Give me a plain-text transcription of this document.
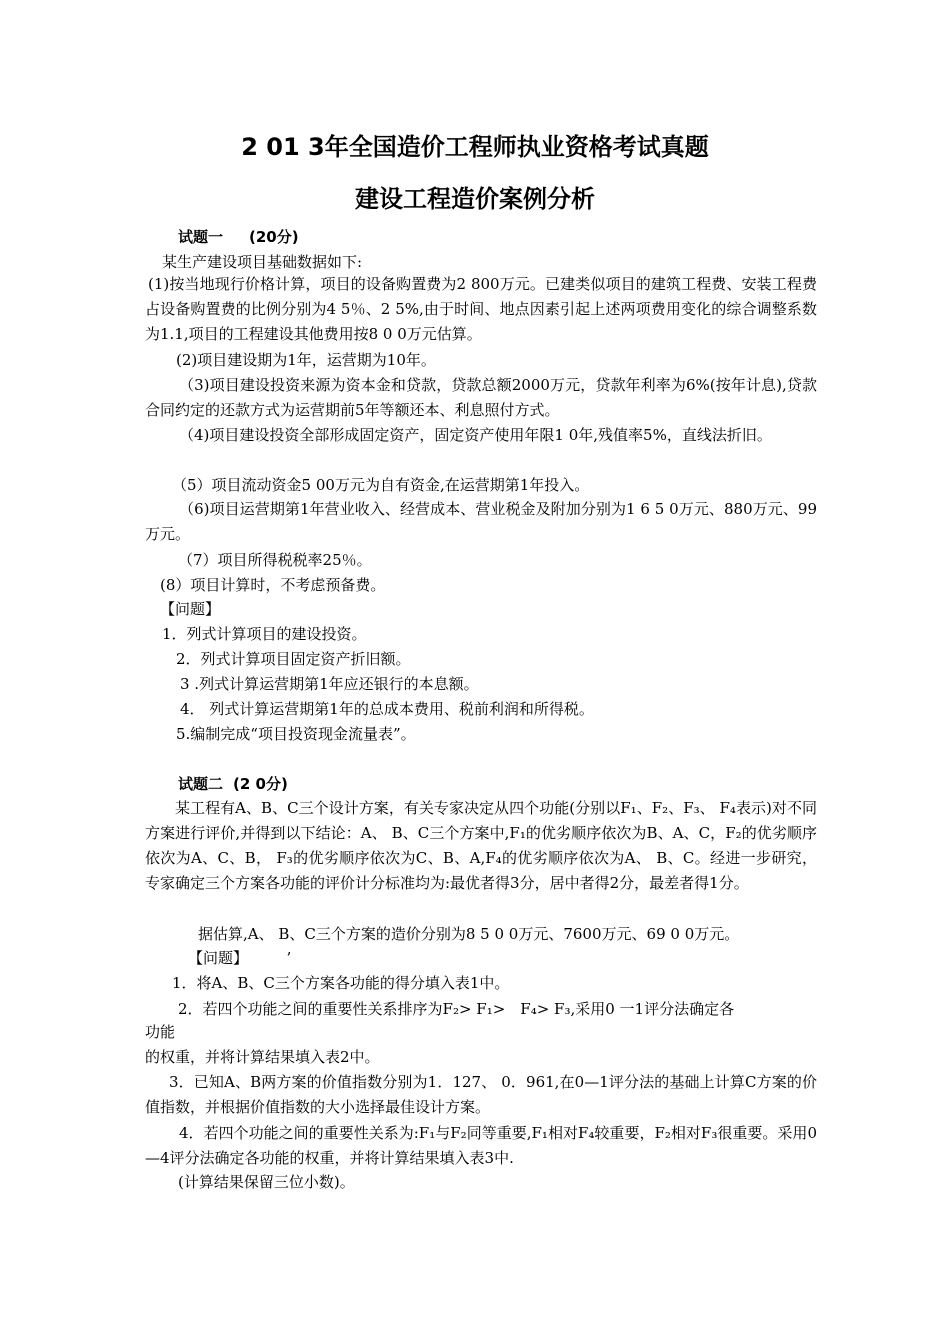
2 01 3年全国造价工程师执业资格考试真题
建设工程造价案例分析
试题一 (20分)
某生产建设项目基础数据如下:
(1)按当地现行价格计算，项目的设备购置费为2 800万元。已建类似项目的建筑工程费、安装工程费占设备购置费的比例分别为4 5％、2 5%,由于时间、地点因素引起上述两项费用变化的综合调整系数为1.1,项目的工程建设其他费用按8 0 0万元估算。
(2)项目建设期为1年，运营期为10年。
（3)项目建设投资来源为资本金和贷款，贷款总额2000万元，贷款年利率为6%(按年计息),贷款合同约定的还款方式为运营期前5年等额还本、利息照付方式。
（4)项目建设投资全部形成固定资产，固定资产使用年限1 0年,残值率5%，直线法折旧。
（5）项目流动资金5 00万元为自有资金,在运营期第1年投入。
（6)项目运营期第1年营业收入、经营成本、营业税金及附加分别为1 6 5 0万元、880万元、99万元。
（7）项目所得税税率25％。
(8）项目计算时，不考虑预备费。
【问题】
1．列式计算项目的建设投资。
2．列式计算项目固定资产折旧额。
3 .列式计算运营期第1年应还银行的本息额。
4． 列式计算运营期第1年的总成本费用、税前利润和所得税。
5.编制完成“项目投资现金流量表”。
试题二 (2 0分)
某工程有A、B、C三个设计方案，有关专家决定从四个功能(分别以F₁、F₂、F₃、 F₄表示)对不同方案进行评价,并得到以下结论：A、 B、C三个方案中,F₁的优劣顺序依次为B、A、C，F₂的优劣顺序依次为A、C、B， F₃的优劣顺序依次为C、B、A,F₄的优劣顺序依次为A、 B、C。经进一步研究，专家确定三个方案各功能的评价计分标准均为:最优者得3分，居中者得2分，最差者得1分。
据估算,A、 B、C三个方案的造价分别为8 5 0 0万元、7600万元、69 0 0万元。
【问题】	’
1．将A、B、C三个方案各功能的得分填入表1中。
2．若四个功能之间的重要性关系排序为F₂> F₁>　F₄> F₃,采用0 一1评分法确定各
功能
的权重，并将计算结果填入表2中。
3．已知A、B两方案的价值指数分别为1．127、 0．961,在0—1评分法的基础上计算C方案的价值指数，并根据价值指数的大小选择最佳设计方案。
4．若四个功能之间的重要性关系为:F₁与F₂同等重要,F₁相对F₄较重要，F₂相对F₃很重要。采用0—4评分法确定各功能的权重，并将计算结果填入表3中.
(计算结果保留三位小数)。
